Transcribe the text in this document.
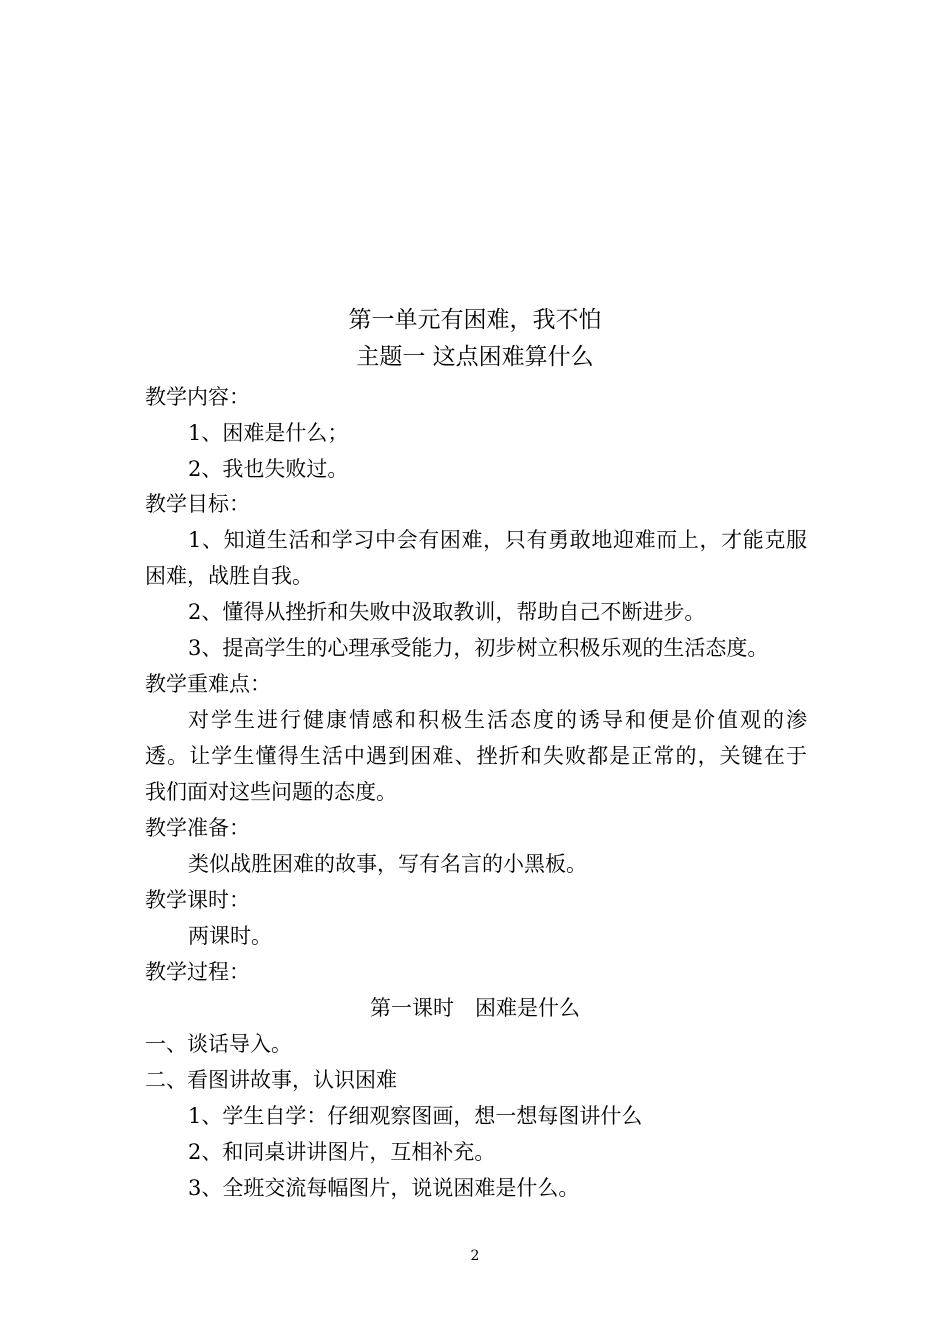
第一单元有困难，我不怕
主题一 这点困难算什么
教学内容：
1、困难是什么；
2、我也失败过。
教学目标：
1、知道生活和学习中会有困难，只有勇敢地迎难而上，才能克服
困难，战胜自我。
2、懂得从挫折和失败中汲取教训，帮助自己不断进步。
3、提高学生的心理承受能力，初步树立积极乐观的生活态度。
教学重难点：
对学生进行健康情感和积极生活态度的诱导和便是价值观的渗
透。让学生懂得生活中遇到困难、挫折和失败都是正常的，关键在于
我们面对这些问题的态度。
教学准备：
类似战胜困难的故事，写有名言的小黑板。
教学课时：
两课时。
教学过程：
第一课时　困难是什么
一、谈话导入。
二、看图讲故事，认识困难
1、学生自学：仔细观察图画，想一想每图讲什么
2、和同桌讲讲图片，互相补充。
3、全班交流每幅图片，说说困难是什么。
2
